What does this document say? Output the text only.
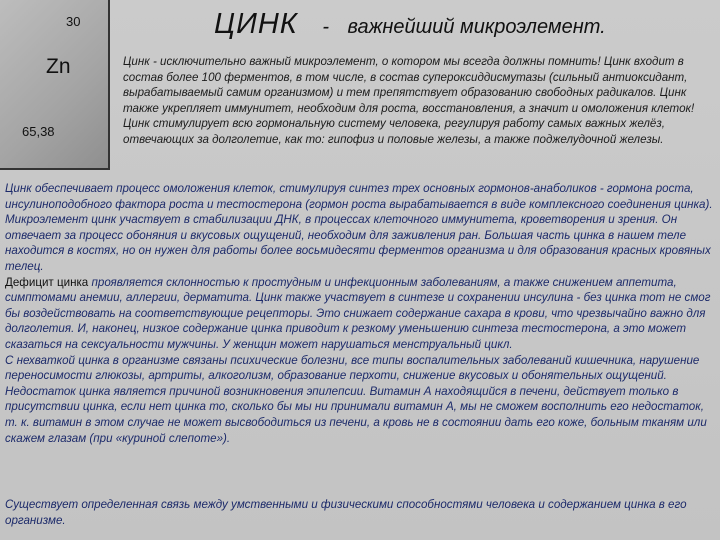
30
Zn
65,38
ЦИНК - важнейший микроэлемент.

Цинк - исключительно важный микроэлемент, о котором мы всегда должны помнить! Цинк входит в состав более 100 ферментов, в том числе, в состав супероксиддисмутазы (сильный антиоксидант, вырабатываемый самим организмом) и тем препятствует образованию свободных радикалов. Цинк также укрепляет иммунитет, необходим для роста, восстановления, а значит и омоложения клеток! Цинк стимулирует всю гормональную систему человека, регулируя работу самых важных желёз, отвечающих за долголетие, как то: гипофиз и половые железы, а также поджелудочной железы.

Цинк обеспечивает процесс омоложения клеток, стимулируя синтез трех основных гормонов-анаболиков - гормона роста, инсулиноподобного фактора роста и тестостерона (гормон роста вырабатывается в виде комплексного соединения цинка). Микроэлемент цинк участвует в стабилизации ДНК, в процессах клеточного иммунитета, кроветворения и зрения. Он отвечает за процесс обоняния и вкусовых ощущений, необходим для заживления ран. Большая часть цинка в нашем теле находится в костях, но он нужен для работы более восьмидесяти ферментов организма и для образования красных кровяных телец.

Дефицит цинка проявляется склонностью к простудным и инфекционным заболеваниям, а также снижением аппетита, симптомами анемии, аллергии, дерматита. Цинк также участвует в синтезе и сохранении инсулина - без цинка тот не смог бы воздействовать на соответствующие рецепторы. Это снижает содержание сахара в крови, что чрезвычайно важно для долголетия. И, наконец, низкое содержание цинка приводит к резкому уменьшению синтеза тестостерона, а это может сказаться на сексуальности мужчины. У женщин может нарушаться менструальный цикл.

С нехваткой цинка в организме связаны психические болезни, все типы воспалительных заболеваний кишечника, нарушение переносимости глюкозы, артриты, алкоголизм, образование перхоти, снижение вкусовых и обонятельных ощущений.

Недостаток цинка является причиной возникновения эпилепсии. Витамин А находящийся в печени, действует только в присутствии цинка, если нет цинка то, сколько бы мы ни принимали витамин А, мы не сможем восполнить его недостаток, т. к. витамин в этом случае не может высвободиться из печени, а кровь не в состоянии дать его коже, больным тканям или скажем глазам (при «куриной слепоте»).

Существует определенная связь между умственными и физическими способностями человека и содержанием цинка в его организме.
